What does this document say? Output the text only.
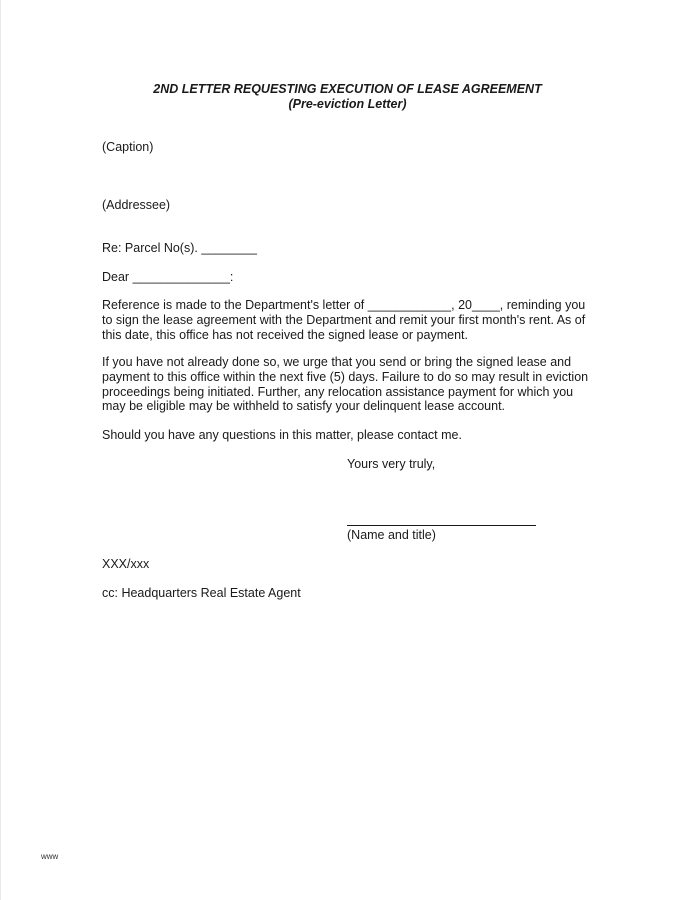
2ND LETTER REQUESTING EXECUTION OF LEASE AGREEMENT
(Pre-eviction Letter)
(Caption)
(Addressee)
Re: Parcel No(s). ________
Dear ______________:

Reference is made to the Department's letter of ____________, 20____, reminding you

to sign the lease agreement with the Department and remit your first month's rent. As of

this date, this office has not received the signed lease or payment.

If you have not already done so, we urge that you send or bring the signed lease and

payment to this office within the next five (5) days. Failure to do so may result in eviction

proceedings being initiated. Further, any relocation assistance payment for which you

may be eligible may be withheld to satisfy your delinquent lease account.

Should you have any questions in this matter, please contact me.
Yours very truly,
(Name and title)
XXX/xxx
cc: Headquarters Real Estate Agent
www
